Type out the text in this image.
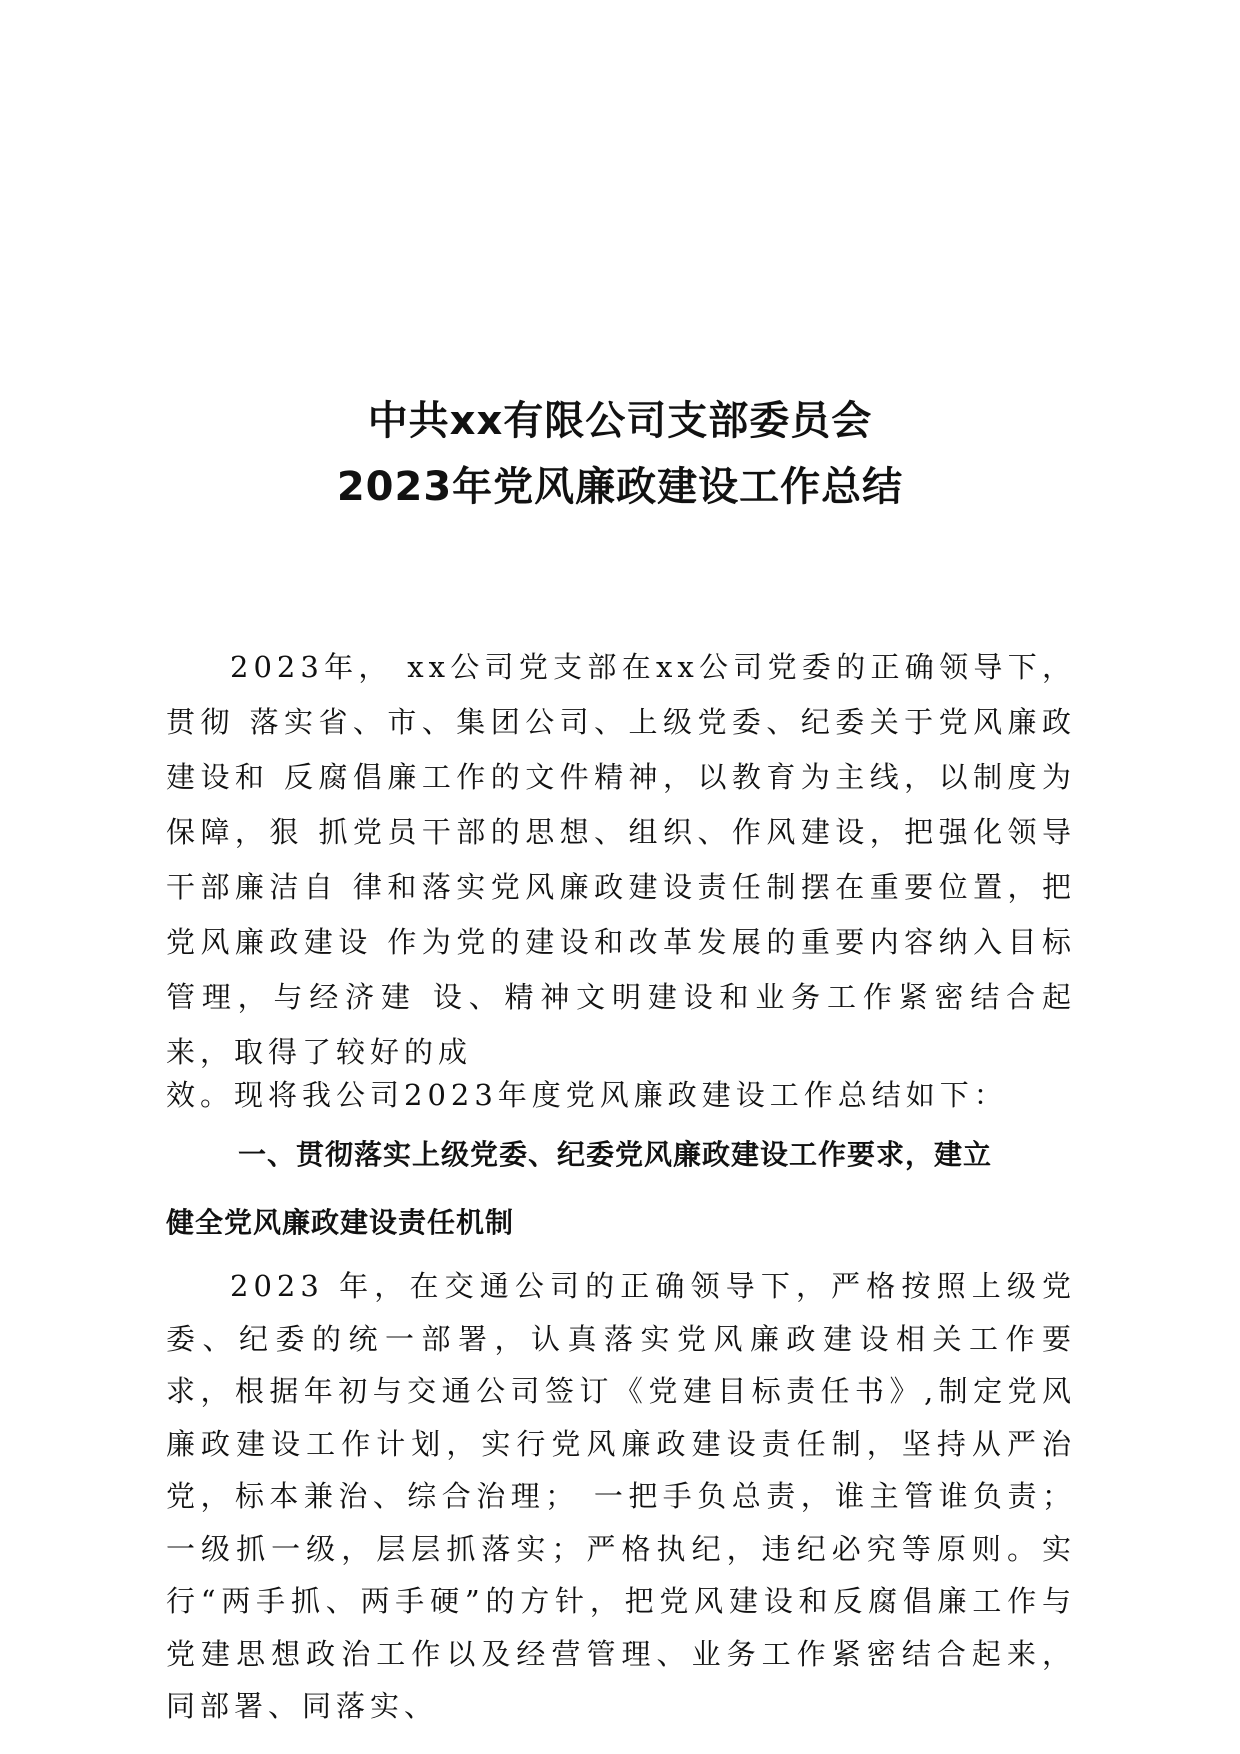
中共xx有限公司支部委员会
2023年党风廉政建设工作总结
2023年， xx公司党支部在xx公司党委的正确领导下，贯彻 落实省、市、集团公司、上级党委、纪委关于党风廉政建设和 反腐倡廉工作的文件精神，以教育为主线，以制度为保障，狠 抓党员干部的思想、组织、作风建设，把强化领导干部廉洁自 律和落实党风廉政建设责任制摆在重要位置，把党风廉政建设 作为党的建设和改革发展的重要内容纳入目标管理，与经济建 设、精神文明建设和业务工作紧密结合起来，取得了较好的成
效。现将我公司2023年度党风廉政建设工作总结如下：
一、贯彻落实上级党委、纪委党风廉政建设工作要求，建立
健全党风廉政建设责任机制
2023 年，在交通公司的正确领导下，严格按照上级党委、纪委的统一部署，认真落实党风廉政建设相关工作要求，根据年初与交通公司签订《党建目标责任书》,制定党风廉政建设工作计划，实行党风廉政建设责任制，坚持从严治党，标本兼治、综合治理； 一把手负总责，谁主管谁负责； 一级抓一级，层层抓落实；严格执纪，违纪必究等原则。实行“两手抓、两手硬”的方针，把党风建设和反腐倡廉工作与党建思想政治工作以及经营管理、业务工作紧密结合起来，同部署、同落实、
